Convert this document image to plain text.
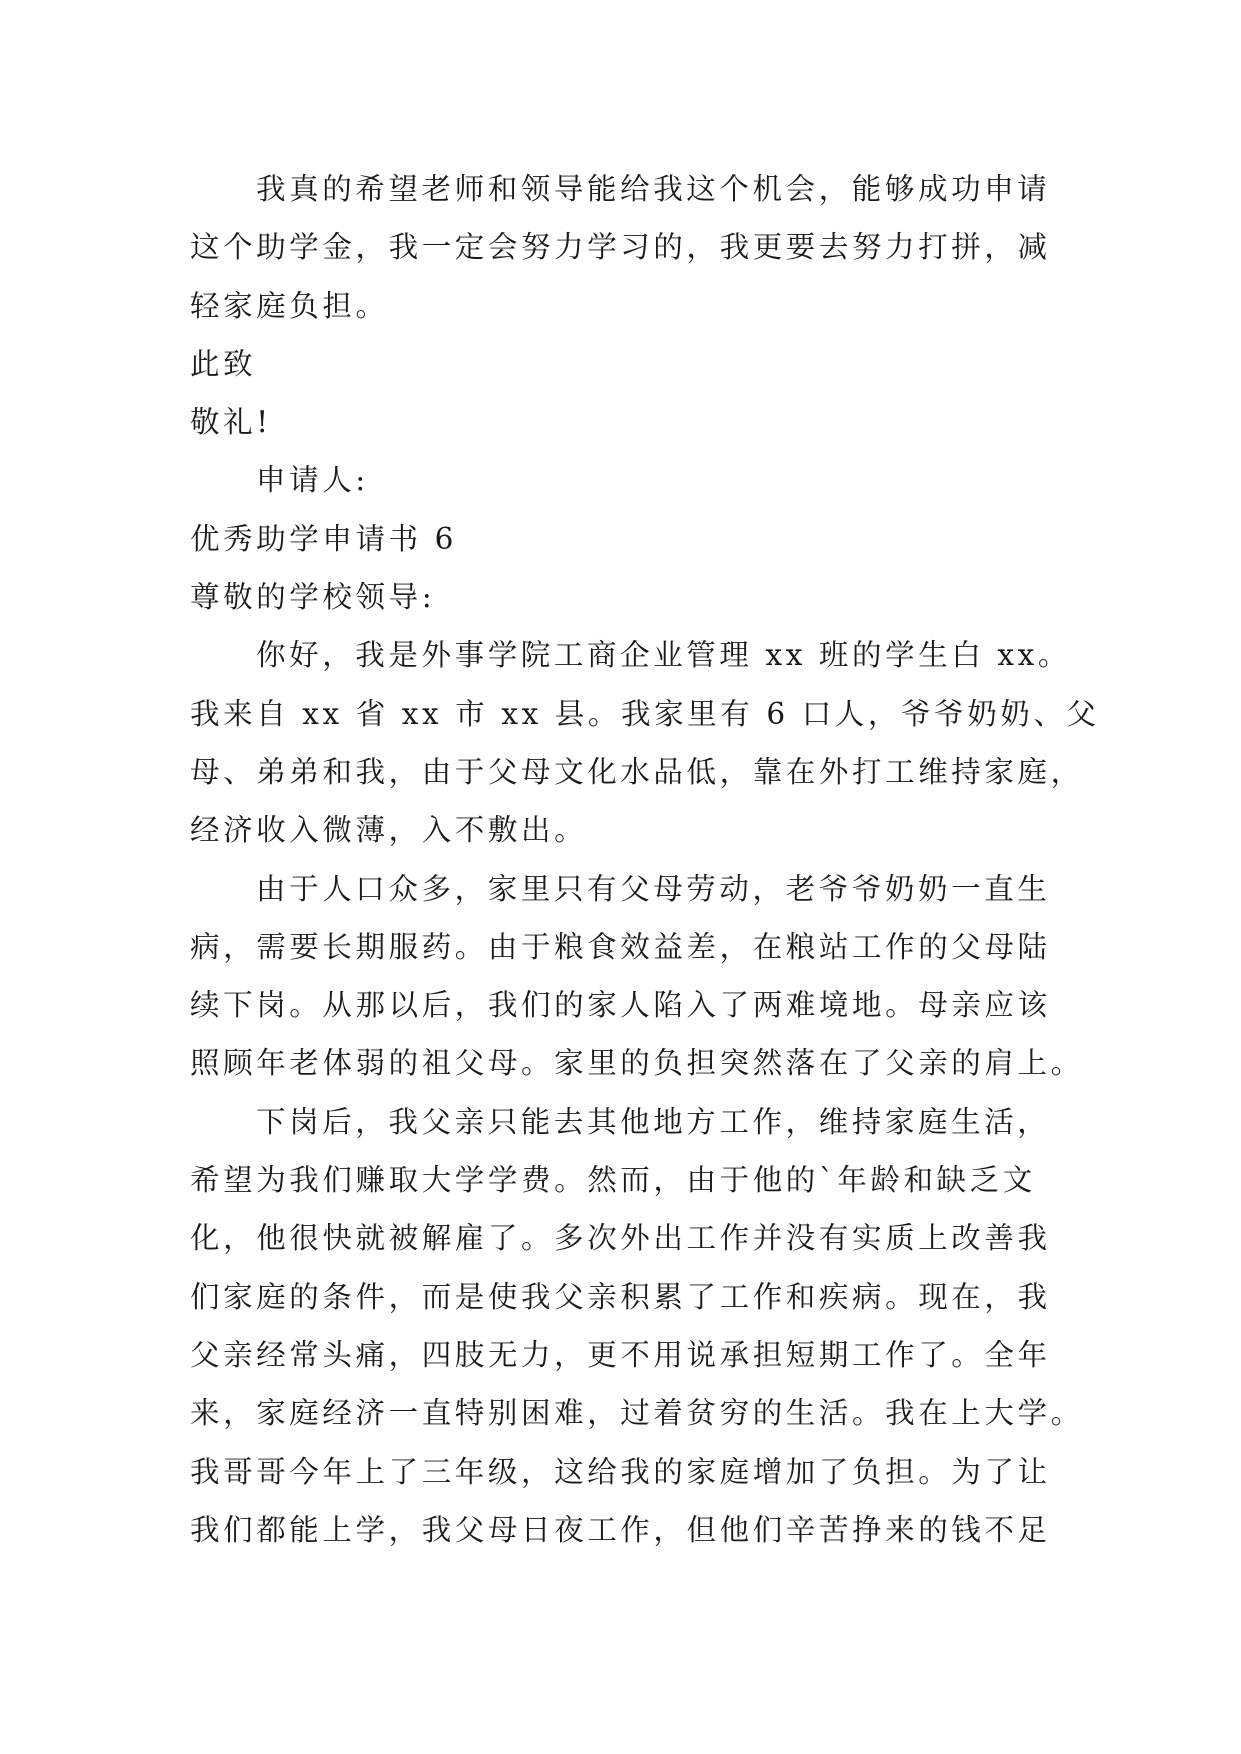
我真的希望老师和领导能给我这个机会，能够成功申请
这个助学金，我一定会努力学习的，我更要去努力打拼，减
轻家庭负担。
此致
敬礼!
申请人:
优秀助学申请书 6
尊敬的学校领导:
你好，我是外事学院工商企业管理 xx 班的学生白 xx。
我来自 xx 省 xx 市 xx 县。我家里有 6 口人，爷爷奶奶、父
母、弟弟和我，由于父母文化水品低，靠在外打工维持家庭，
经济收入微薄，入不敷出。
由于人口众多，家里只有父母劳动，老爷爷奶奶一直生
病，需要长期服药。由于粮食效益差，在粮站工作的父母陆
续下岗。从那以后，我们的家人陷入了两难境地。母亲应该
照顾年老体弱的祖父母。家里的负担突然落在了父亲的肩上。
下岗后，我父亲只能去其他地方工作，维持家庭生活，
希望为我们赚取大学学费。然而，由于他的`年龄和缺乏文
化，他很快就被解雇了。多次外出工作并没有实质上改善我
们家庭的条件，而是使我父亲积累了工作和疾病。现在，我
父亲经常头痛，四肢无力，更不用说承担短期工作了。全年
来，家庭经济一直特别困难，过着贫穷的生活。我在上大学。
我哥哥今年上了三年级，这给我的家庭增加了负担。为了让
我们都能上学，我父母日夜工作，但他们辛苦挣来的钱不足
